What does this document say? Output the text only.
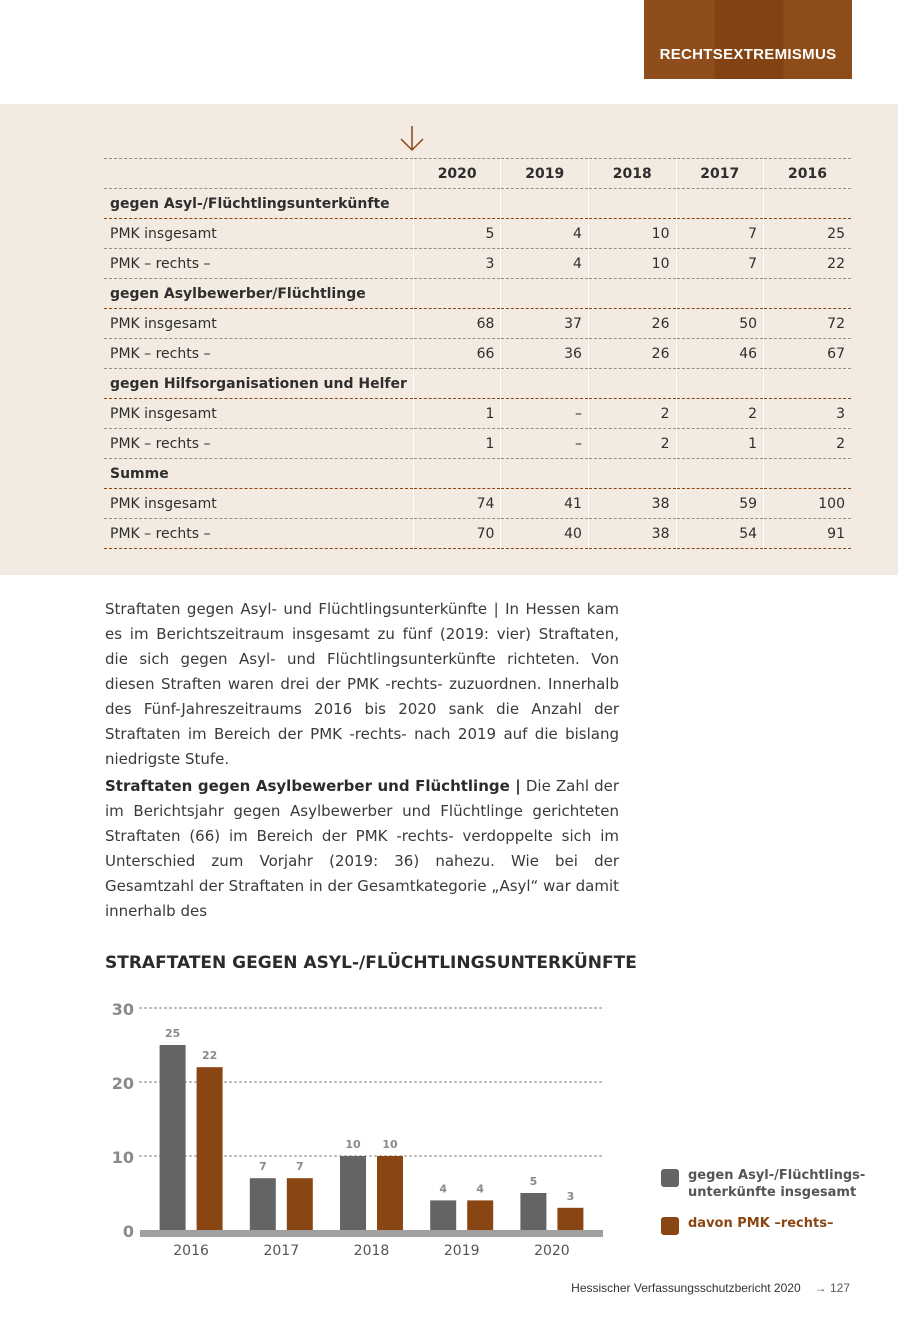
RECHTSEXTREMISMUS
	2020	2019	2018	2017	2016
gegen Asyl-/Flüchtlingsunterkünfte					
PMK insgesamt	5	4	10	7	25
PMK – rechts –	3	4	10	7	22
gegen Asylbewerber/Flüchtlinge					
PMK insgesamt	68	37	26	50	72
PMK – rechts –	66	36	26	46	67
gegen Hilfsorganisationen und Helfer					
PMK insgesamt	1	–	2	2	3
PMK – rechts –	1	–	2	1	2
Summe					
PMK insgesamt	74	41	38	59	100
PMK – rechts –	70	40	38	54	91

Straftaten gegen Asyl- und Flüchtlingsunterkünfte | In Hessen kam es im Berichtszeitraum insgesamt zu fünf (2019: vier) Straftaten, die sich gegen Asyl- und Flüchtlingsunterkünfte richteten. Von diesen Straften waren drei der PMK -rechts- zuzuordnen. Innerhalb des Fünf-Jahreszeitraums 2016 bis 2020 sank die Anzahl der Straftaten im Bereich der PMK -rechts- nach 2019 auf die bislang niedrigste Stufe.

Straftaten gegen Asylbewerber und Flüchtlinge | Die Zahl der im Berichtsjahr gegen Asylbewerber und Flüchtlinge gerichteten Straftaten (66) im Bereich der PMK -rechts- verdoppelte sich im Unterschied zum Vorjahr (2019: 36) nahezu. Wie bei der Gesamtzahl der Straftaten in der Gesamtkategorie „Asyl“ war damit innerhalb des

STRAFTATEN GEGEN ASYL-/FLÜCHTLINGSUNTERKÜNFTE
0
10
20
30
25
22
2016
7	7
2017
10 10
2018
4	4
2019
5
3
2020
gegen Asyl-/Flüchtlings-
unterkünfte insgesamt
davon PMK –rechts–
Hessischer Verfassungsschutzbericht 2020 → 127
